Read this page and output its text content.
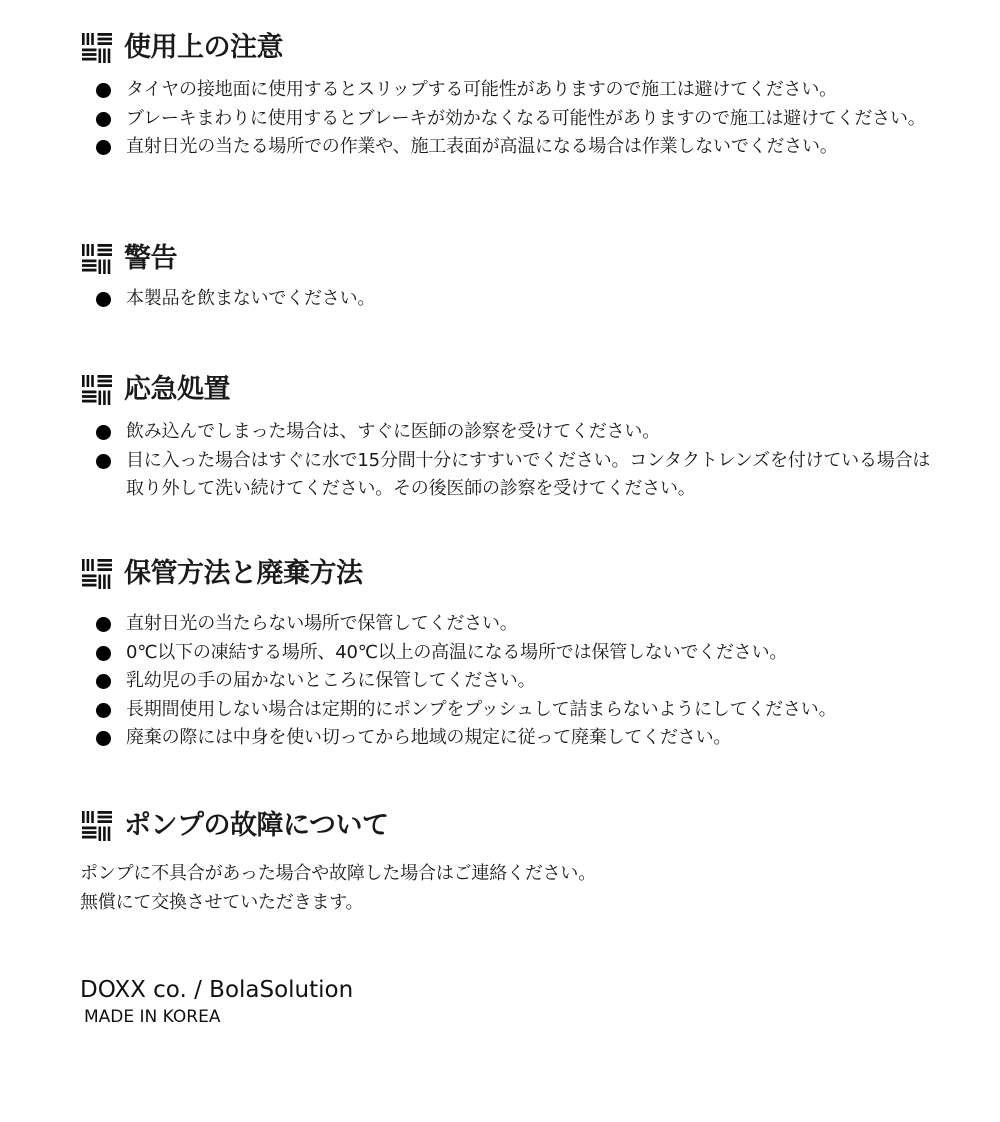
使用上の注意
タイヤの接地面に使用するとスリップする可能性がありますので施工は避けてください。
ブレーキまわりに使用するとブレーキが効かなくなる可能性がありますので施工は避けてください。
直射日光の当たる場所での作業や、施工表面が高温になる場合は作業しないでください。
警告
本製品を飲まないでください。
応急処置
飲み込んでしまった場合は、すぐに医師の診察を受けてください。
目に入った場合はすぐに水で15分間十分にすすいでください。コンタクトレンズを付けている場合は取り外して洗い続けてください。その後医師の診察を受けてください。
保管方法と廃棄方法
直射日光の当たらない場所で保管してください。
0℃以下の凍結する場所、40℃以上の高温になる場所では保管しないでください。
乳幼児の手の届かないところに保管してください。
長期間使用しない場合は定期的にポンプをプッシュして詰まらないようにしてください。
廃棄の際には中身を使い切ってから地域の規定に従って廃棄してください。
ポンプの故障について
ポンプに不具合があった場合や故障した場合はご連絡ください。
無償にて交換させていただきます。
DOXX co. / BolaSolution
MADE IN KOREA
